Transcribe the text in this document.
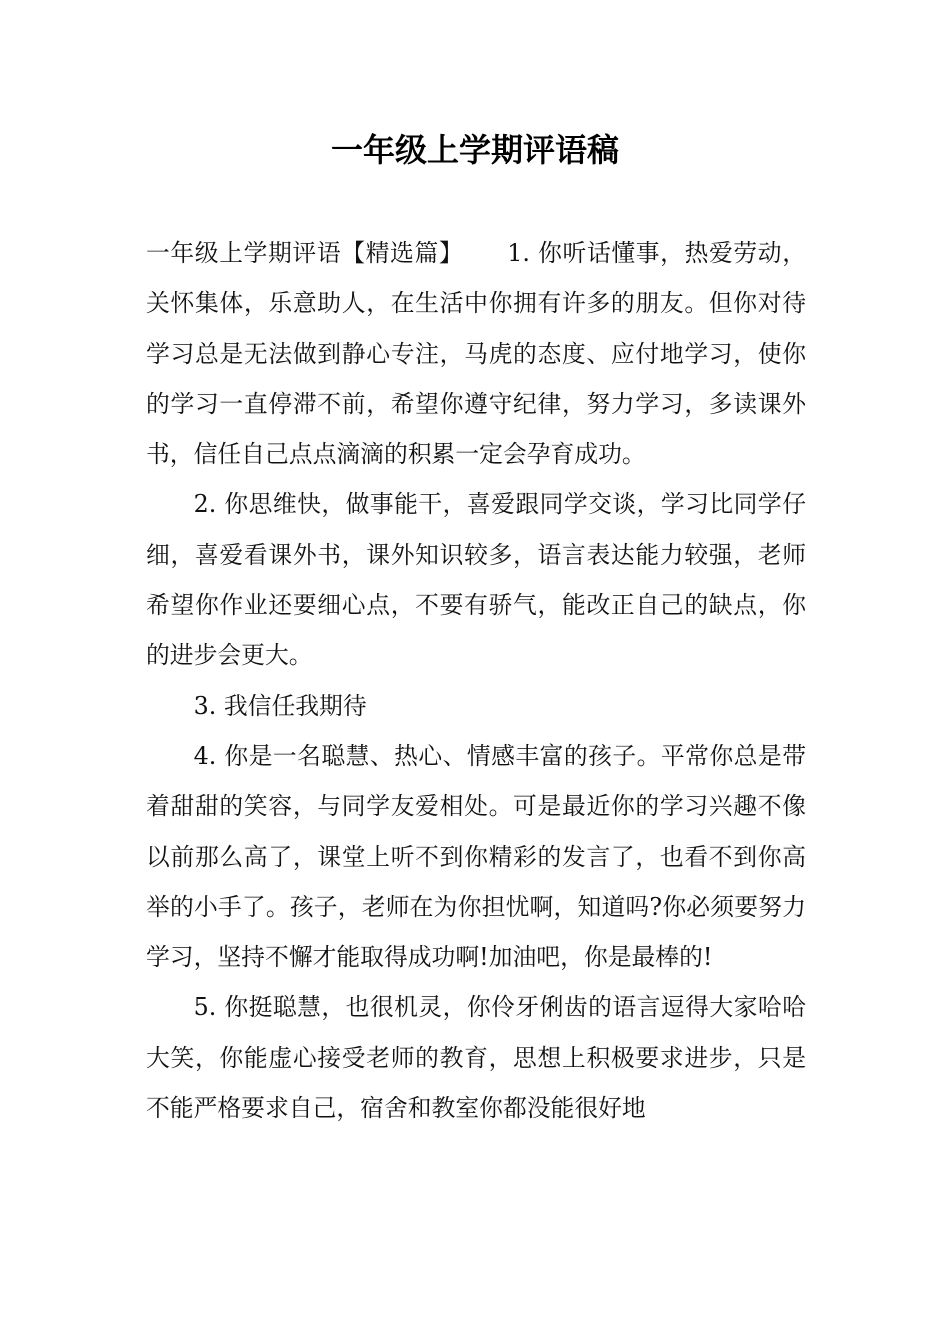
一年级上学期评语稿

一年级上学期评语【精选篇】 1. 你听话懂事，热爱劳动，关怀集体，乐意助人，在生活中你拥有许多的朋友。但你对待学习总是无法做到静心专注，马虎的态度、应付地学习，使你的学习一直停滞不前，希望你遵守纪律，努力学习，多读课外书，信任自己点点滴滴的积累一定会孕育成功。

2. 你思维快，做事能干，喜爱跟同学交谈，学习比同学仔细，喜爱看课外书，课外知识较多，语言表达能力较强，老师希望你作业还要细心点，不要有骄气，能改正自己的缺点，你的进步会更大。

3. 我信任我期待

4. 你是一名聪慧、热心、情感丰富的孩子。平常你总是带着甜甜的笑容，与同学友爱相处。可是最近你的学习兴趣不像以前那么高了，课堂上听不到你精彩的发言了，也看不到你高举的小手了。孩子，老师在为你担忧啊，知道吗?你必须要努力学习，坚持不懈才能取得成功啊!加油吧，你是最棒的!

5. 你挺聪慧，也很机灵，你伶牙俐齿的语言逗得大家哈哈大笑，你能虚心接受老师的教育，思想上积极要求进步，只是不能严格要求自己，宿舍和教室你都没能很好地
